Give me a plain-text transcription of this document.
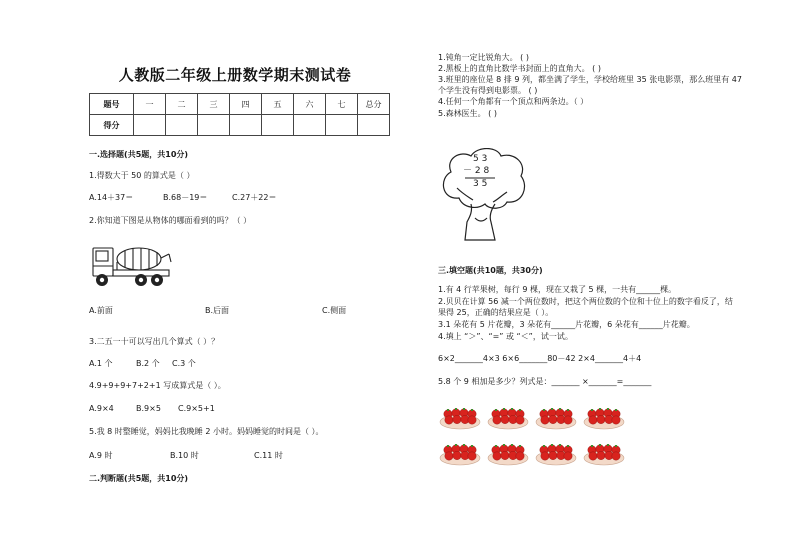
人教版二年级上册数学期末测试卷
题号	一	二	三	四	五	六	七	总分
得分								
一.选择题(共5题，共10分)
1.得数大于 50 的算式是（ ）
A.14＋37＝	B.68－19＝	C.27＋22＝
2.你知道下图是从物体的哪面看到的吗？（ ）
A.前面	B.后面	C.侧面
3.二五一十可以写出几个算式（ ）？
A.1 个	B.2 个 C.3 个
4.9+9+9+7+2+1 写成算式是（ ）。
A.9×4	B.9×5 C.9×5+1
5.我 8 时整睡觉，妈妈比我晚睡 2 小时。妈妈睡觉的时间是（ ）。
A.9 时	B.10 时	C.11 时
二.判断题(共5题，共10分)
1.钝角一定比锐角大。 ( )
2.黑板上的直角比数学书封面上的直角大。 ( )
3.班里的座位是 8 排 9 列，都坐满了学生，学校给班里 35 张电影票，那么班里有 47
个学生没有得到电影票。 ( )
4.任何一个角都有一个顶点和两条边。（ ）
5.森林医生。 ( )
5 3
－ 2 8
3 5
三.填空题(共10题，共30分)
1.有 4 行苹果树，每行 9 棵，现在又栽了 5 棵，一共有______棵。
2.贝贝在计算 56 减一个两位数时，把这个两位数的个位和十位上的数字看反了，结
果得 25，正确的结果应是（ ）。
3.1 朵花有 5 片花瓣，3 朵花有______片花瓣，6 朵花有______片花瓣。
4.填上 “＞”、“=” 或 “＜”，试一试。
6×2_______4×3 6×6_______80－42 2×4_______4＋4
5.8 个 9 相加是多少？列式是：_______ ×_______=_______
